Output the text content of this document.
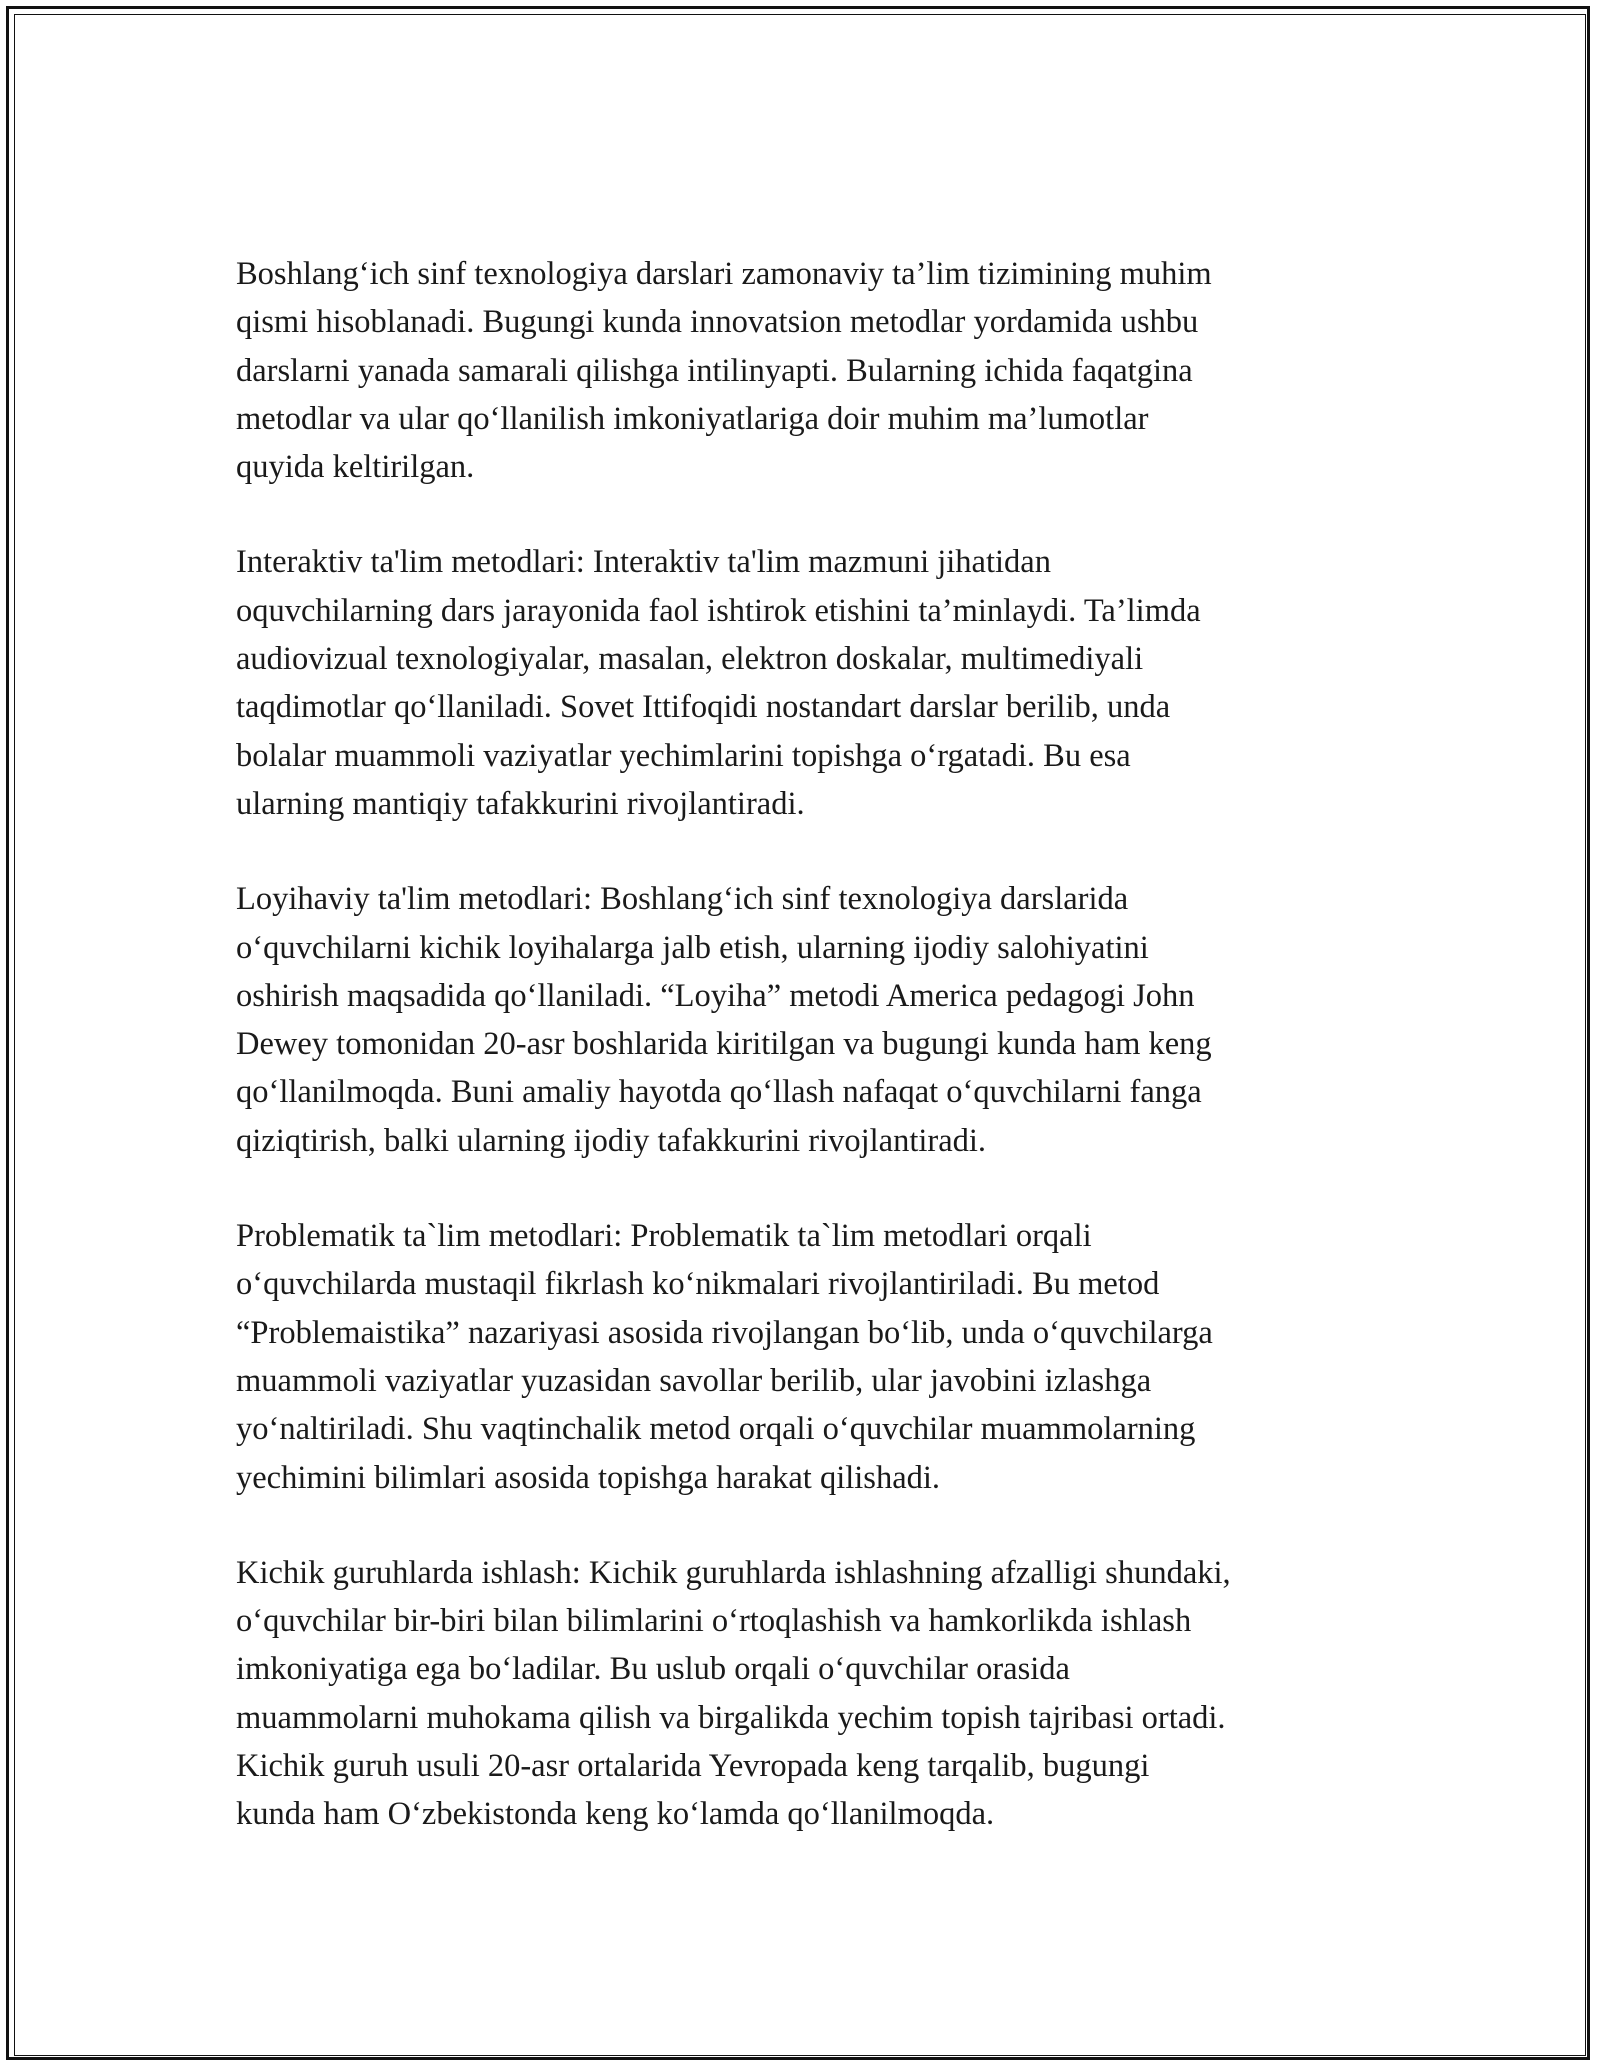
Boshlang‘ich sinf texnologiya darslari zamonaviy ta’lim tizimining muhim
qismi hisoblanadi. Bugungi kunda innovatsion metodlar yordamida ushbu
darslarni yanada samarali qilishga intilinyapti. Bularning ichida faqatgina
metodlar va ular qo‘llanilish imkoniyatlariga doir muhim ma’lumotlar
quyida keltirilgan.

Interaktiv ta'lim metodlari: Interaktiv ta'lim mazmuni jihatidan
oquvchilarning dars jarayonida faol ishtirok etishini ta’minlaydi. Ta’limda
audiovizual texnologiyalar, masalan, elektron doskalar, multimediyali
taqdimotlar qo‘llaniladi. Sovet Ittifoqidi nostandart darslar berilib, unda
bolalar muammoli vaziyatlar yechimlarini topishga o‘rgatadi. Bu esa
ularning mantiqiy tafakkurini rivojlantiradi.

Loyihaviy ta'lim metodlari: Boshlang‘ich sinf texnologiya darslarida
o‘quvchilarni kichik loyihalarga jalb etish, ularning ijodiy salohiyatini
oshirish maqsadida qo‘llaniladi. “Loyiha” metodi America pedagogi John
Dewey tomonidan 20-asr boshlarida kiritilgan va bugungi kunda ham keng
qo‘llanilmoqda. Buni amaliy hayotda qo‘llash nafaqat o‘quvchilarni fanga
qiziqtirish, balki ularning ijodiy tafakkurini rivojlantiradi.

Problematik ta`lim metodlari: Problematik ta`lim metodlari orqali
o‘quvchilarda mustaqil fikrlash ko‘nikmalari rivojlantiriladi. Bu metod
“Problemaistika” nazariyasi asosida rivojlangan bo‘lib, unda o‘quvchilarga
muammoli vaziyatlar yuzasidan savollar berilib, ular javobini izlashga
yo‘naltiriladi. Shu vaqtinchalik metod orqali o‘quvchilar muammolarning
yechimini bilimlari asosida topishga harakat qilishadi.

Kichik guruhlarda ishlash: Kichik guruhlarda ishlashning afzalligi shundaki,
o‘quvchilar bir-biri bilan bilimlarini o‘rtoqlashish va hamkorlikda ishlash
imkoniyatiga ega bo‘ladilar. Bu uslub orqali o‘quvchilar orasida
muammolarni muhokama qilish va birgalikda yechim topish tajribasi ortadi.
Kichik guruh usuli 20-asr ortalarida Yevropada keng tarqalib, bugungi
kunda ham O‘zbekistonda keng ko‘lamda qo‘llanilmoqda.
